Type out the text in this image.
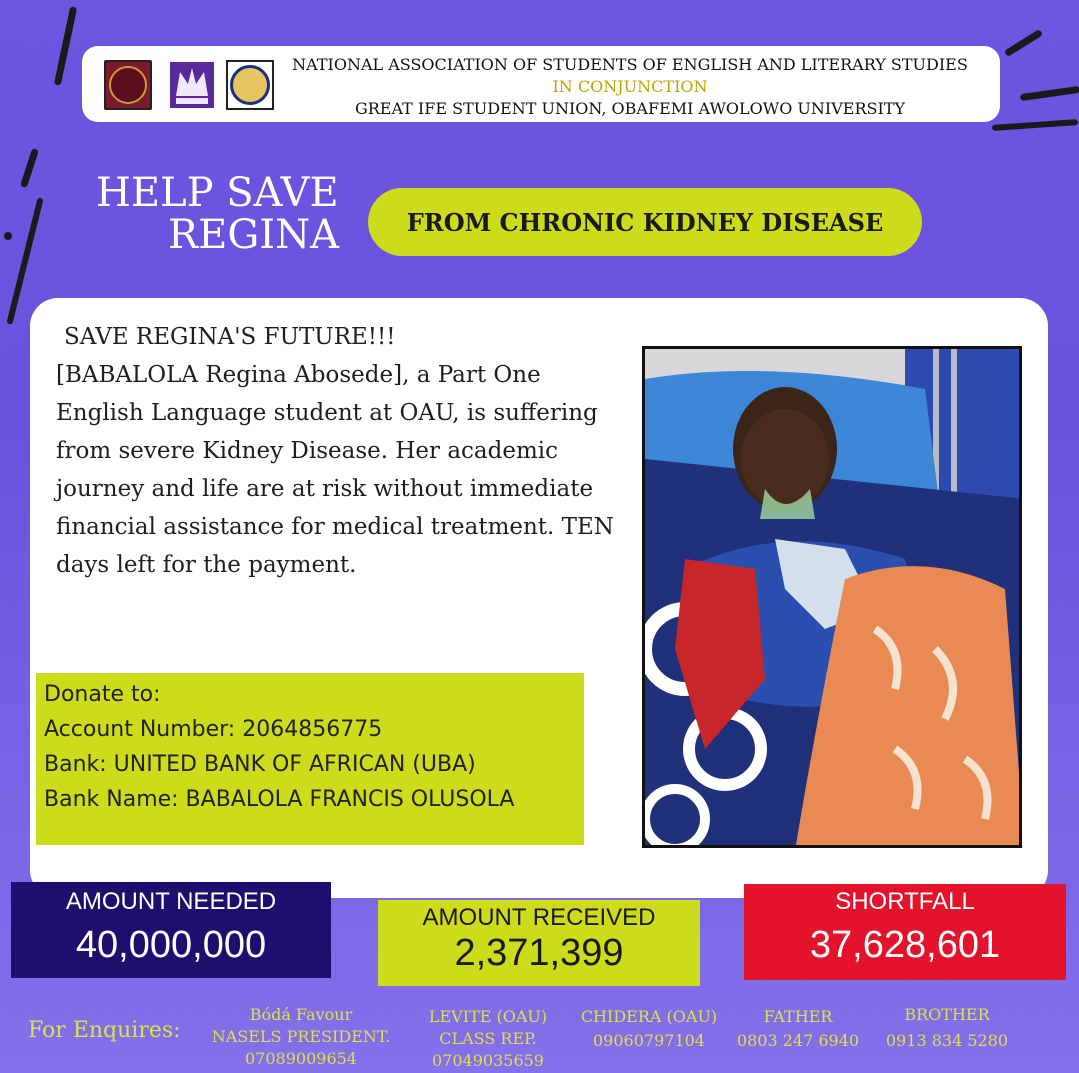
NATIONAL ASSOCIATION OF STUDENTS OF ENGLISH AND LITERARY STUDIES
IN CONJUNCTION
GREAT IFE STUDENT UNION, OBAFEMI AWOLOWO UNIVERSITY
HELP SAVE
REGINA	FROM CHRONIC KIDNEY DISEASE
SAVE REGINA'S FUTURE!!!
[BABALOLA Regina Abosede], a Part One English Language student at OAU, is suffering from severe Kidney Disease. Her academic journey and life are at risk without immediate financial assistance for medical treatment. TEN days left for the payment.
Donate to:
Account Number: 2064856775
Bank: UNITED BANK OF AFRICAN (UBA)
Bank Name: BABALOLA FRANCIS OLUSOLA
AMOUNT NEEDED
40,000,000
AMOUNT RECEIVED
2,371,399
SHORTFALL
37,628,601
For Enquires:
Bódá Favour
NASELS PRESIDENT.
07089009654
LEVITE (OAU)
CLASS REP.
07049035659
CHIDERA (OAU)
09060797104
FATHER
0803 247 6940
BROTHER
0913 834 5280
